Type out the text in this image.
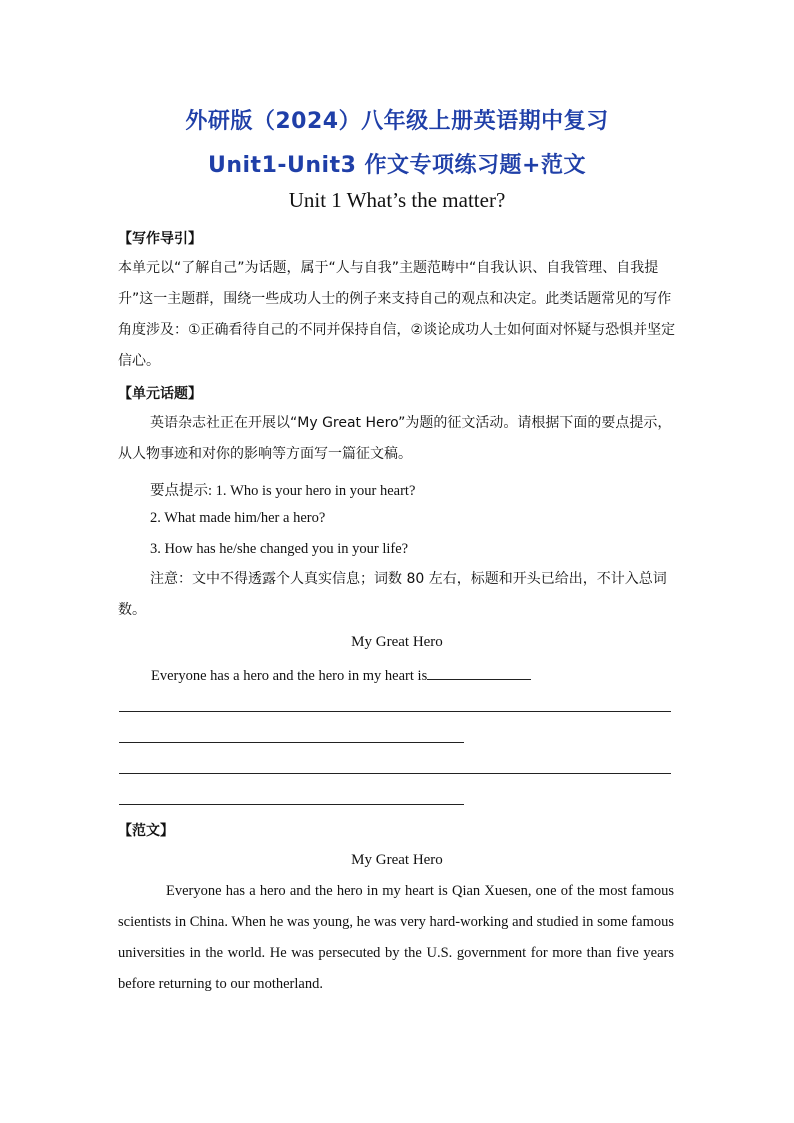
外研版（2024）八年级上册英语期中复习
Unit1-Unit3 作文专项练习题+范文
Unit 1 What’s the matter?
【写作导引】
本单元以“了解自己”为话题，属于“人与自我”主题范畴中“自我认识、自我管理、自我提升”这一主题群，围绕一些成功人士的例子来支持自己的观点和决定。此类话题常见的写作角度涉及：①正确看待自己的不同并保持自信，②谈论成功人士如何面对怀疑与恐惧并坚定信心。
【单元话题】
英语杂志社正在开展以“My Great Hero”为题的征文活动。请根据下面的要点提示，从人物事迹和对你的影响等方面写一篇征文稿。
要点提示: 1. Who is your hero in your heart?
2. What made him/her a hero?
3. How has he/she changed you in your life?
注意：文中不得透露个人真实信息；词数 80 左右，标题和开头已给出，不计入总词数。
My Great Hero
Everyone has a hero and the hero in my heart is
【范文】
My Great Hero
Everyone has a hero and the hero in my heart is Qian Xuesen, one of the most famous scientists in China. When he was young, he was very hard-working and studied in some famous universities in the world. He was persecuted by the U.S. government for more than five years before returning to our motherland.
